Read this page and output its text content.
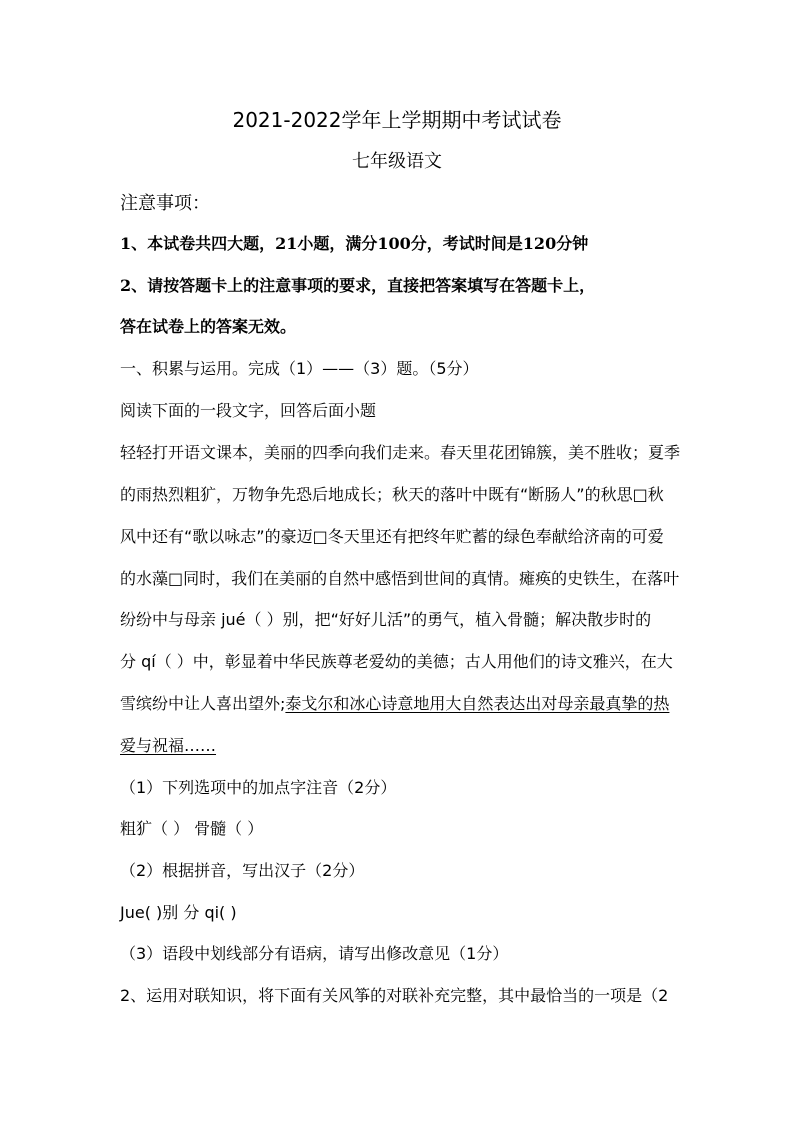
2021-2022学年上学期期中考试试卷
七年级语文
注意事项：
1、本试卷共四大题，21小题，满分100分，考试时间是120分钟
2、请按答题卡上的注意事项的要求，直接把答案填写在答题卡上，
答在试卷上的答案无效。
一、积累与运用。完成（1）——（3）题。（5分）
阅读下面的一段文字，回答后面小题
轻轻打开语文课本，美丽的四季向我们走来。春天里花团锦簇，美不胜收；夏季
的雨热烈粗犷，万物争先恐后地成长；秋天的落叶中既有“断肠人”的秋思□秋
风中还有“歌以咏志”的豪迈□冬天里还有把终年贮蓄的绿色奉献给济南的可爱
的水藻□同时，我们在美丽的自然中感悟到世间的真情。瘫痪的史铁生，在落叶
纷纷中与母亲 jué（ ）别，把“好好儿活”的勇气，植入骨髓；解决散步时的
分 qí（ ）中，彰显着中华民族尊老爱幼的美德；古人用他们的诗文雅兴，在大
雪缤纷中让人喜出望外;泰戈尔和冰心诗意地用大自然表达出对母亲最真挚的热
爱与祝福……
（1）下列选项中的加点字注音（2分）
粗犷（ ） 骨髓（ ）
（2）根据拼音，写出汉子（2分）
Jue( )别 分 qi( )
（3）语段中划线部分有语病，请写出修改意见（1分）
2、运用对联知识，将下面有关风筝的对联补充完整，其中最恰当的一项是（2
